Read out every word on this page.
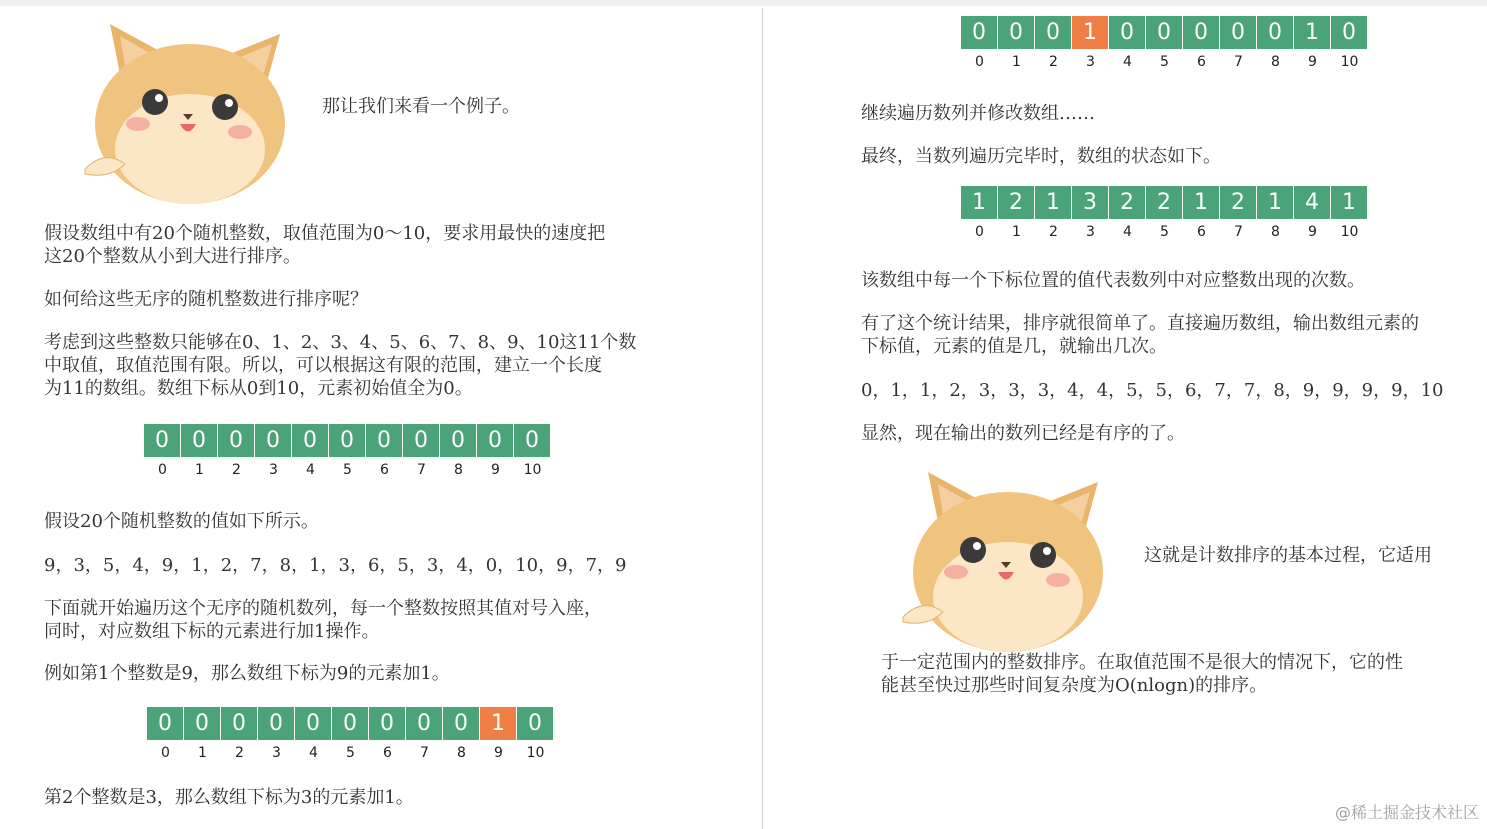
那让我们来看一个例子。

假设数组中有20个随机整数，取值范围为0～10，要求用最快的速度把

这20个整数从小到大进行排序。

如何给这些无序的随机整数进行排序呢？

考虑到这些整数只能够在0、1、2、3、4、5、6、7、8、9、10这11个数

中取值，取值范围有限。所以，可以根据这有限的范围，建立一个长度

为11的数组。数组下标从0到10，元素初始值全为0。

0	0	0	0	0	0	0	0	0	0	0
0	1	2	3	4	5	6	7	8	9	10

假设20个随机整数的值如下所示。

9，3，5，4，9，1，2，7，8，1，3，6，5，3，4，0，10，9，7，9

下面就开始遍历这个无序的随机数列，每一个整数按照其值对号入座，

同时，对应数组下标的元素进行加1操作。

例如第1个整数是9，那么数组下标为9的元素加1。

0	0	0	0	0	0	0	0	0	1	0
0	1	2	3	4	5	6	7	8	9	10

第2个整数是3，那么数组下标为3的元素加1。

0	0	0	1	0	0	0	0	0	1	0
0	1	2	3	4	5	6	7	8	9	10

继续遍历数列并修改数组……

最终，当数列遍历完毕时，数组的状态如下。

1	2	1	3	2	2	1	2	1	4	1
0	1	2	3	4	5	6	7	8	9	10

该数组中每一个下标位置的值代表数列中对应整数出现的次数。

有了这个统计结果，排序就很简单了。直接遍历数组，输出数组元素的

下标值，元素的值是几，就输出几次。

0，1，1，2，3，3，3，4，4，5，5，6，7，7，8，9，9，9，9，10

显然，现在输出的数列已经是有序的了。

这就是计数排序的基本过程，它适用

于一定范围内的整数排序。在取值范围不是很大的情况下，它的性

能甚至快过那些时间复杂度为O(nlogn)的排序。

@稀土掘金技术社区
